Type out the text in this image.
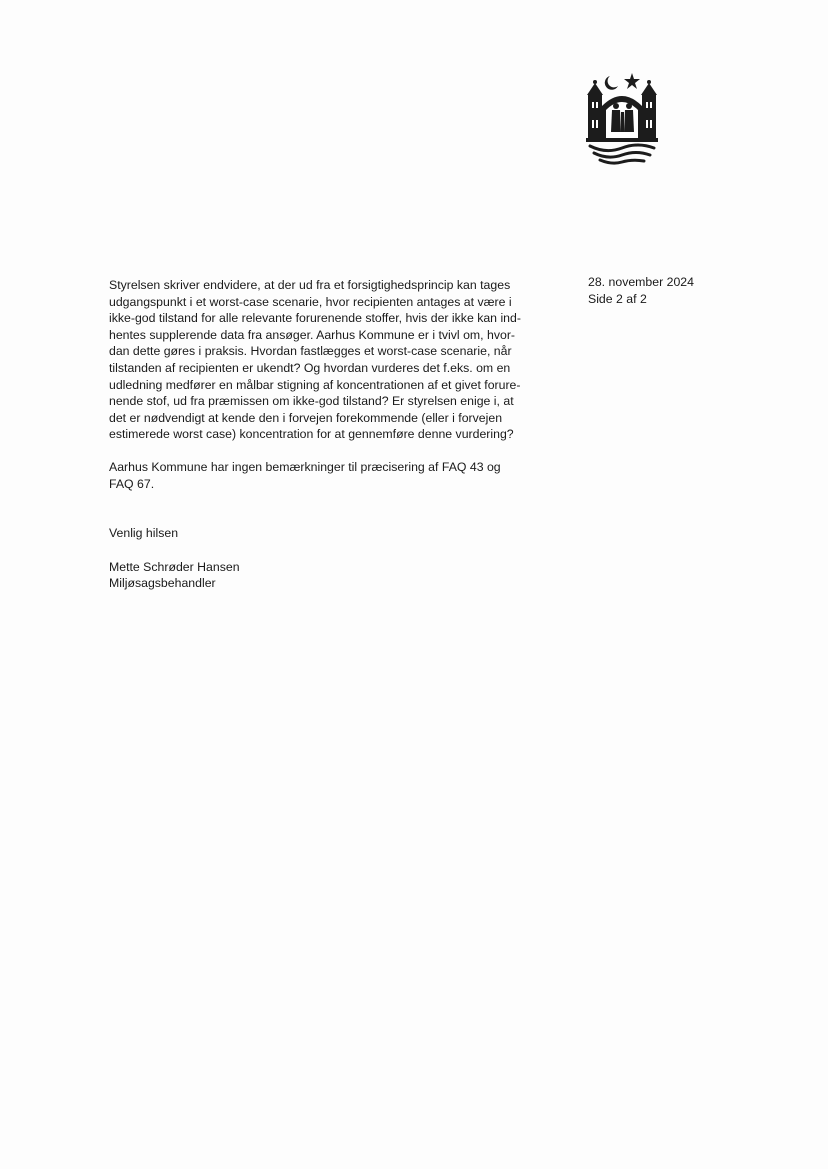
28. november 2024
Side 2 af 2

Styrelsen skriver endvidere, at der ud fra et forsigtighedsprincip kan tages
udgangspunkt i et worst-case scenarie, hvor recipienten antages at være i
ikke-god tilstand for alle relevante forurenende stoffer, hvis der ikke kan ind-
hentes supplerende data fra ansøger. Aarhus Kommune er i tvivl om, hvor-
dan dette gøres i praksis. Hvordan fastlægges et worst-case scenarie, når
tilstanden af recipienten er ukendt? Og hvordan vurderes det f.eks. om en
udledning medfører en målbar stigning af koncentrationen af et givet forure-
nende stof, ud fra præmissen om ikke-god tilstand? Er styrelsen enige i, at
det er nødvendigt at kende den i forvejen forekommende (eller i forvejen
estimerede worst case) koncentration for at gennemføre denne vurdering?

Aarhus Kommune har ingen bemærkninger til præcisering af FAQ 43 og
FAQ 67.

Venlig hilsen

Mette Schrøder Hansen
Miljøsagsbehandler
